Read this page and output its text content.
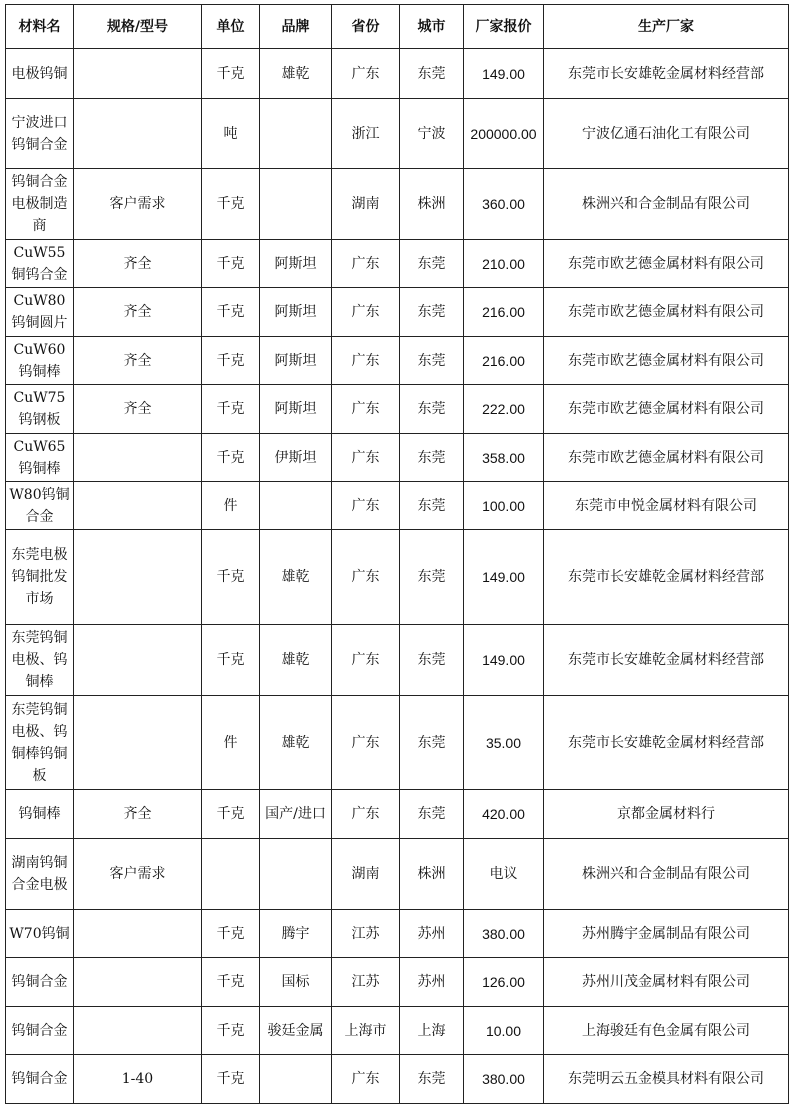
材料名	规格/型号	单位	品牌	省份	城市	厂家报价	生产厂家
电极钨铜		千克	雄乾	广东	东莞	149.00	东莞市长安雄乾金属材料经营部
宁波进口钨铜合金		吨		浙江	宁波	200000.00	宁波亿通石油化工有限公司
钨铜合金电极制造商	客户需求	千克		湖南	株洲	360.00	株洲兴和合金制品有限公司
CuW55铜钨合金	齐全	千克	阿斯坦	广东	东莞	210.00	东莞市欧艺德金属材料有限公司
CuW80钨铜圆片	齐全	千克	阿斯坦	广东	东莞	216.00	东莞市欧艺德金属材料有限公司
CuW60钨铜棒	齐全	千克	阿斯坦	广东	东莞	216.00	东莞市欧艺德金属材料有限公司
CuW75钨钢板	齐全	千克	阿斯坦	广东	东莞	222.00	东莞市欧艺德金属材料有限公司
CuW65钨铜棒		千克	伊斯坦	广东	东莞	358.00	东莞市欧艺德金属材料有限公司
W80钨铜合金		件		广东	东莞	100.00	东莞市申悦金属材料有限公司
东莞电极钨铜批发市场		千克	雄乾	广东	东莞	149.00	东莞市长安雄乾金属材料经营部
东莞钨铜电极、钨铜棒		千克	雄乾	广东	东莞	149.00	东莞市长安雄乾金属材料经营部
东莞钨铜电极、钨铜棒钨铜板		件	雄乾	广东	东莞	35.00	东莞市长安雄乾金属材料经营部
钨铜棒	齐全	千克	国产/进口	广东	东莞	420.00	京都金属材料行
湖南钨铜合金电极	客户需求			湖南	株洲	电议	株洲兴和合金制品有限公司
W70钨铜		千克	腾宇	江苏	苏州	380.00	苏州腾宇金属制品有限公司
钨铜合金		千克	国标	江苏	苏州	126.00	苏州川茂金属材料有限公司
钨铜合金		千克	骏廷金属	上海市	上海	10.00	上海骏廷有色金属有限公司
钨铜合金	1-40	千克		广东	东莞	380.00	东莞明云五金模具材料有限公司
